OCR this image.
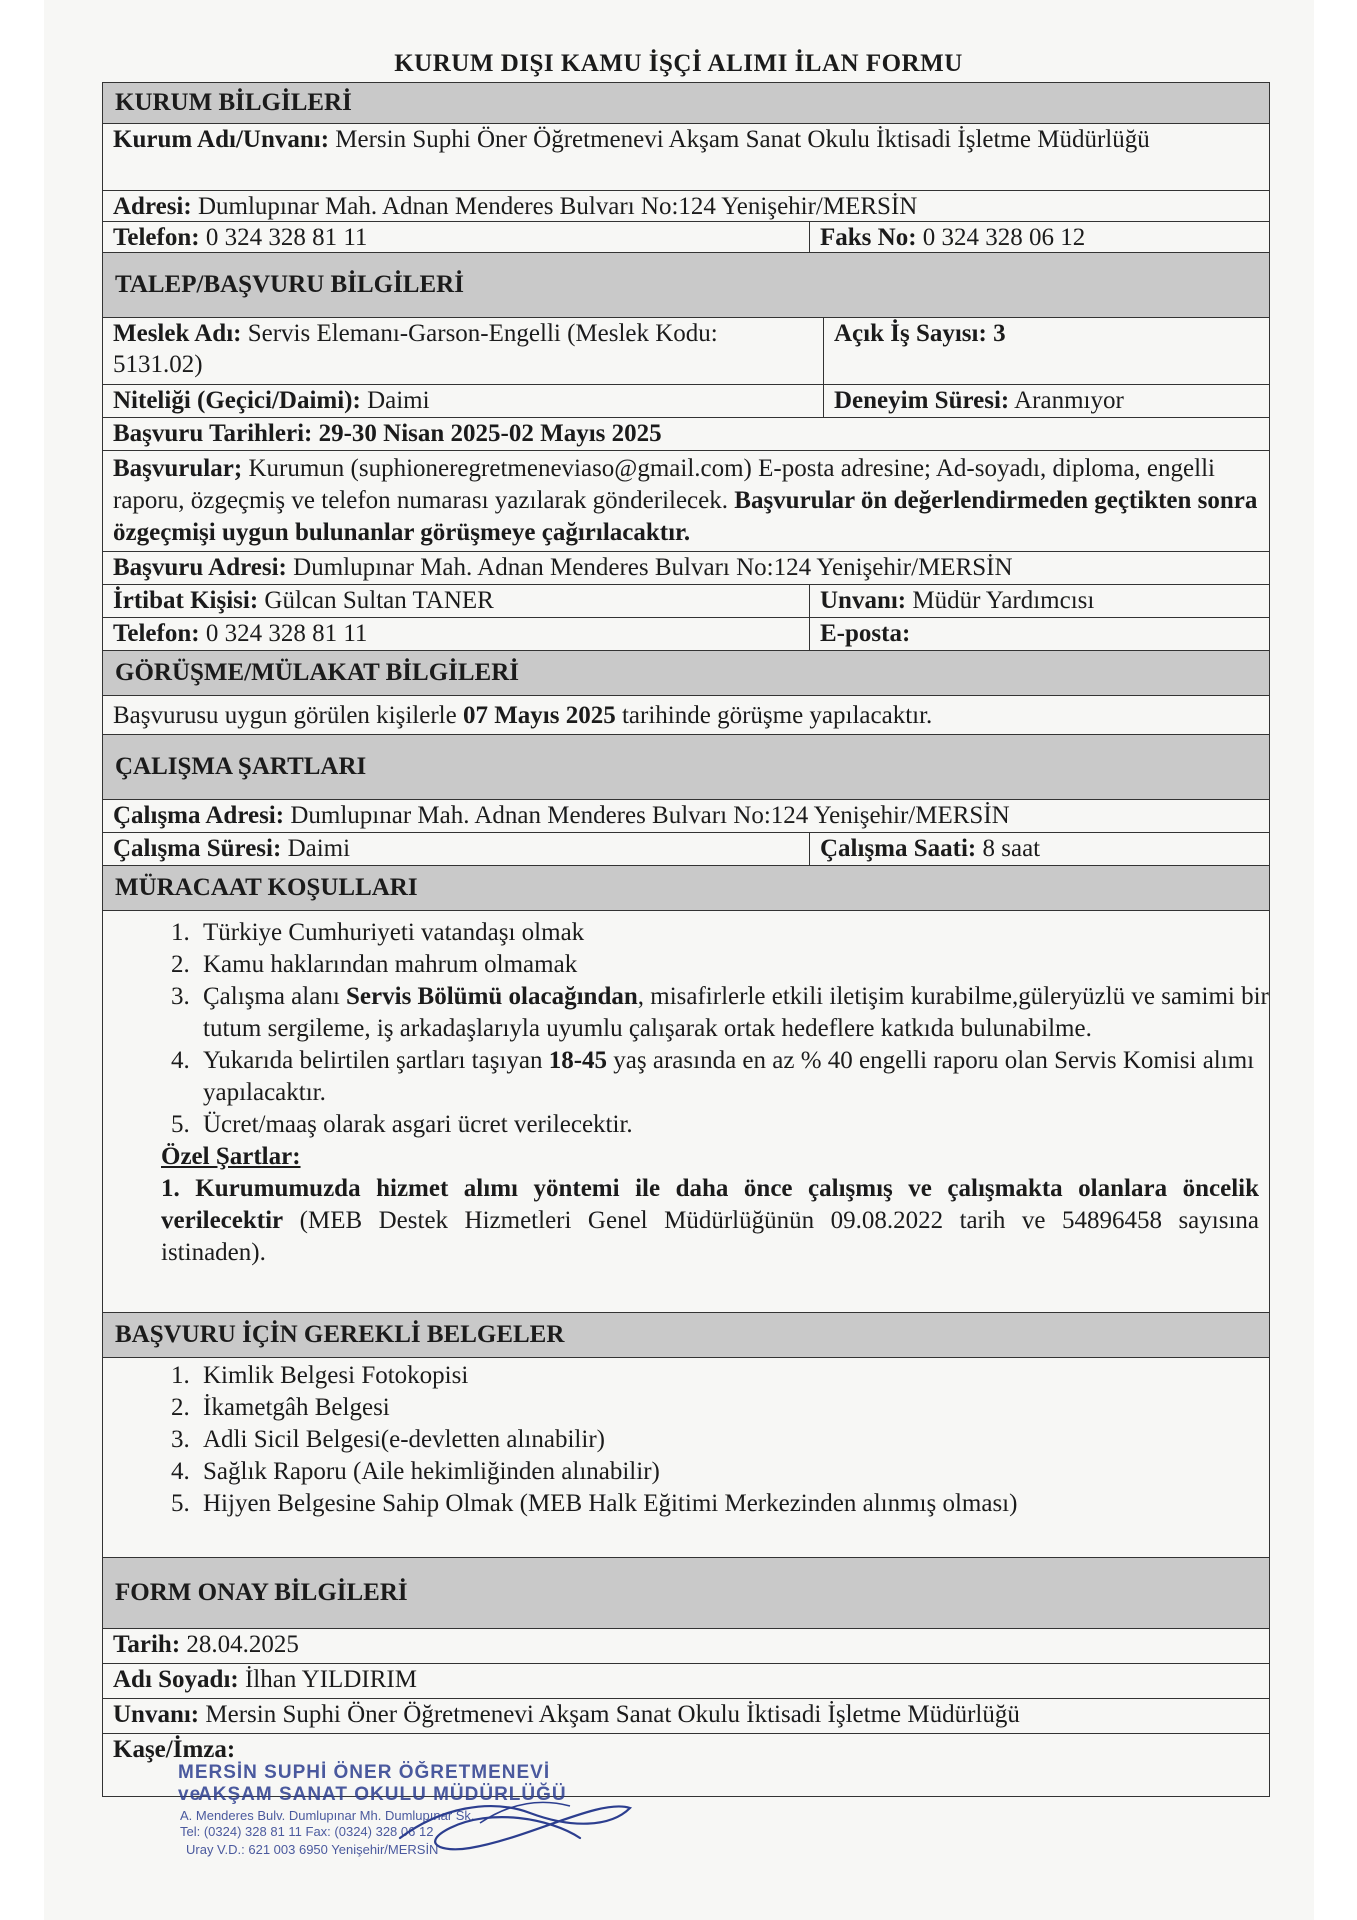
KURUM DIŞI KAMU İŞÇİ ALIMI İLAN FORMU
KURUM BİLGİLERİ
Kurum Adı/Unvanı: Mersin Suphi Öner Öğretmenevi Akşam Sanat Okulu İktisadi İşletme Müdürlüğü
Adresi: Dumlupınar Mah. Adnan Menderes Bulvarı No:124 Yenişehir/MERSİN
Telefon: 0 324 328 81 11	Faks No: 0 324 328 06 12
TALEP/BAŞVURU BİLGİLERİ
Meslek Adı: Servis Elemanı-Garson-Engelli (Meslek Kodu: 5131.02)
Açık İş Sayısı: 3
Niteliği (Geçici/Daimi): Daimi	Deneyim Süresi: Aranmıyor
Başvuru Tarihleri: 29-30 Nisan 2025-02 Mayıs 2025
Başvurular; Kurumun (suphioneregretmeneviaso@gmail.com) E-posta adresine; Ad-soyadı, diploma, engelli raporu, özgeçmiş ve telefon numarası yazılarak gönderilecek. Başvurular ön değerlendirmeden geçtikten sonra özgeçmişi uygun bulunanlar görüşmeye çağırılacaktır.
Başvuru Adresi: Dumlupınar Mah. Adnan Menderes Bulvarı No:124 Yenişehir/MERSİN
İrtibat Kişisi: Gülcan Sultan TANER	Unvanı: Müdür Yardımcısı
Telefon: 0 324 328 81 11	E-posta:
GÖRÜŞME/MÜLAKAT BİLGİLERİ
Başvurusu uygun görülen kişilerle 07 Mayıs 2025 tarihinde görüşme yapılacaktır.
ÇALIŞMA ŞARTLARI
Çalışma Adresi: Dumlupınar Mah. Adnan Menderes Bulvarı No:124 Yenişehir/MERSİN
Çalışma Süresi: Daimi	Çalışma Saati: 8 saat
MÜRACAAT KOŞULLARI
1. Türkiye Cumhuriyeti vatandaşı olmak
2. Kamu haklarından mahrum olmamak
3. Çalışma alanı Servis Bölümü olacağından, misafirlerle etkili iletişim kurabilme,güleryüzlü ve samimi bir tutum sergileme, iş arkadaşlarıyla uyumlu çalışarak ortak hedeflere katkıda bulunabilme.
4. Yukarıda belirtilen şartları taşıyan 18-45 yaş arasında en az % 40 engelli raporu olan Servis Komisi alımı yapılacaktır.
5. Ücret/maaş olarak asgari ücret verilecektir.
Özel Şartlar:
1. Kurumumuzda hizmet alımı yöntemi ile daha önce çalışmış ve çalışmakta olanlara öncelik verilecektir (MEB Destek Hizmetleri Genel Müdürlüğünün 09.08.2022 tarih ve 54896458 sayısına istinaden).
BAŞVURU İÇİN GEREKLİ BELGELER
1. Kimlik Belgesi Fotokopisi
2. İkametgâh Belgesi
3. Adli Sicil Belgesi(e-devletten alınabilir)
4. Sağlık Raporu (Aile hekimliğinden alınabilir)
5. Hijyen Belgesine Sahip Olmak (MEB Halk Eğitimi Merkezinden alınmış olması)
FORM ONAY BİLGİLERİ
Tarih: 28.04.2025
Adı Soyadı: İlhan YILDIRIM
Unvanı: Mersin Suphi Öner Öğretmenevi Akşam Sanat Okulu İktisadi İşletme Müdürlüğü
Kaşe/İmza:
MERSİN SUPHİ ÖNER ÖĞRETMENEVİ ve
AKŞAM SANAT OKULU MÜDÜRLÜĞÜ
A. Menderes Bulv. Dumlupınar Mh. Dumlupınar Sk.
Tel: (0324) 328 81 11 Fax: (0324) 328 06 12
Uray V.D.: 621 003 6950 Yenişehir/MERSİN
